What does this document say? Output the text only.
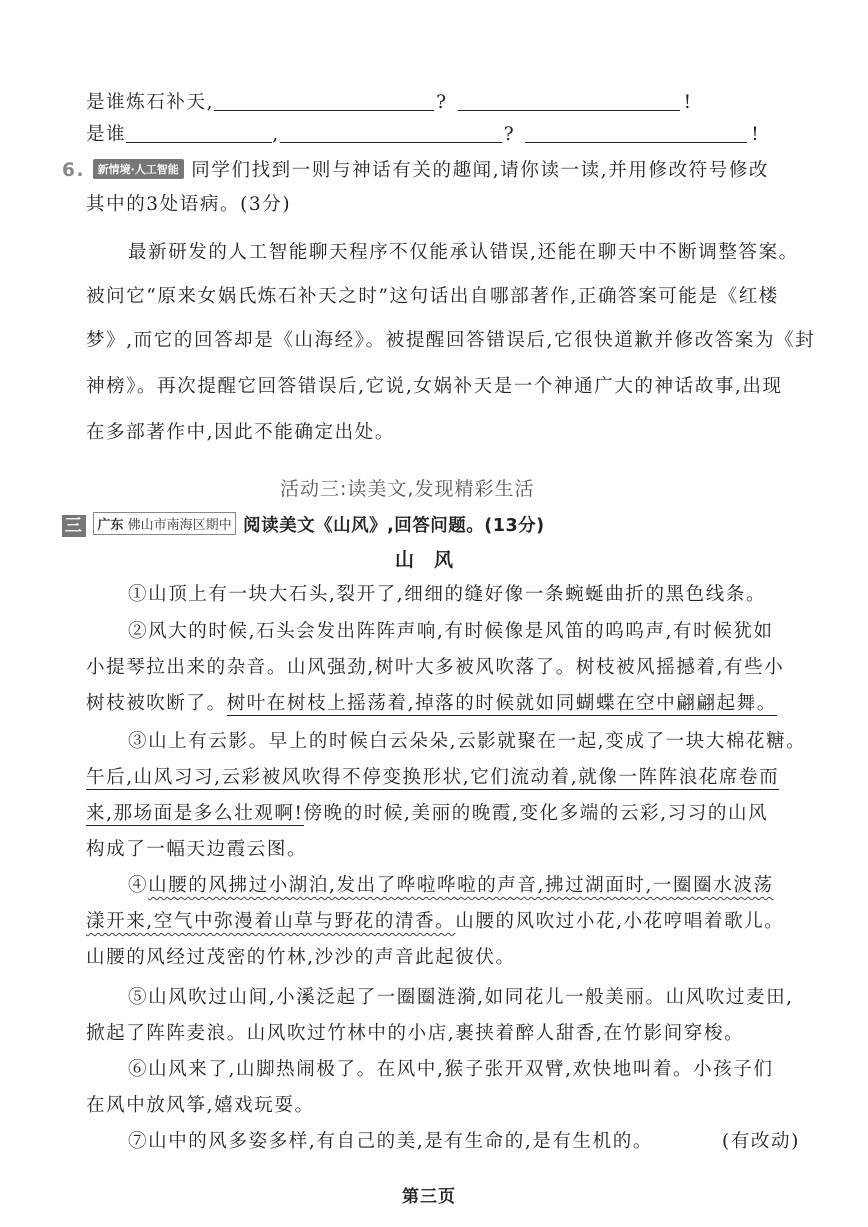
是谁炼石补天,	?	!
是谁	,	?	!
6. 新情境·人工智能 同学们找到一则与神话有关的趣闻,请你读一读,并用修改符号修改
其中的3处语病。(3分)
最新研发的人工智能聊天程序不仅能承认错误,还能在聊天中不断调整答案。
被问它“原来女娲氏炼石补天之时”这句话出自哪部著作,正确答案可能是《红楼
梦》,而它的回答却是《山海经》。被提醒回答错误后,它很快道歉并修改答案为《封
神榜》。再次提醒它回答错误后,它说,女娲补天是一个神通广大的神话故事,出现
在多部著作中,因此不能确定出处。
活动三:读美文,发现精彩生活
三 广东 佛山市南海区期中 阅读美文《山风》,回答问题。(13分)
山　风
①山顶上有一块大石头,裂开了,细细的缝好像一条蜿蜒曲折的黑色线条。
②风大的时候,石头会发出阵阵声响,有时候像是风笛的呜呜声,有时候犹如
小提琴拉出来的杂音。山风强劲,树叶大多被风吹落了。树枝被风摇撼着,有些小
树枝被吹断了。树叶在树枝上摇荡着,掉落的时候就如同蝴蝶在空中翩翩起舞。
③山上有云影。早上的时候白云朵朵,云影就聚在一起,变成了一块大棉花糖。
午后,山风习习,云彩被风吹得不停变换形状,它们流动着,就像一阵阵浪花席卷而
来,那场面是多么壮观啊!傍晚的时候,美丽的晚霞,变化多端的云彩,习习的山风
构成了一幅天边霞云图。
④山腰的风拂过小湖泊,发出了哗啦哗啦的声音,拂过湖面时,一圈圈水波荡
漾开来,空气中弥漫着山草与野花的清香。山腰的风吹过小花,小花哼唱着歌儿。
山腰的风经过茂密的竹林,沙沙的声音此起彼伏。
⑤山风吹过山间,小溪泛起了一圈圈涟漪,如同花儿一般美丽。山风吹过麦田,
掀起了阵阵麦浪。山风吹过竹林中的小店,裹挟着醉人甜香,在竹影间穿梭。
⑥山风来了,山脚热闹极了。在风中,猴子张开双臂,欢快地叫着。小孩子们
在风中放风筝,嬉戏玩耍。
⑦山中的风多姿多样,有自己的美,是有生命的,是有生机的。	(有改动)
第三页
